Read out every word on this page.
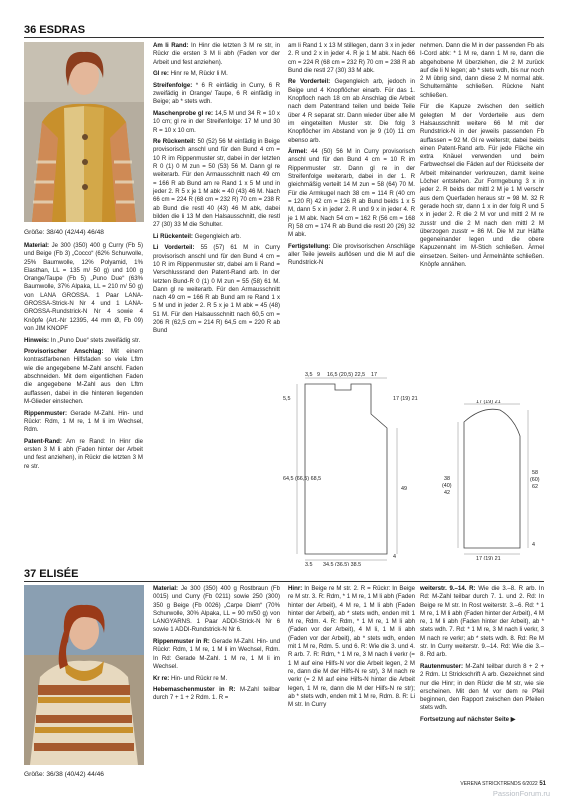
36 ESDRAS
Größe: 38/40 (42/44) 46/48

Material: Je 300 (350) 400 g Curry (Fb 5) und Beige (Fb 3) „Cocco“ (62% Schurwolle, 25% Baumwolle, 12% Polyamid, 1% Elasthan, LL = 135 m/ 50 g) und 100 g Orange/Taupe (Fb 5) „Puno Due“ (63% Baumwolle, 37% Alpaka, LL = 210 m/ 50 g) von LANA GROSSA. 1 Paar LANA-GROSSA-Strick-N Nr 4 und 1 LANA-GROSSA-Rundstrick-N Nr 4 sowie 4 Knöpfe (Art.-Nr 12395, 44 mm Ø, Fb 09) von JIM KNOPF

Hinweis: In „Puno Due“ stets zweifädig str.

Provisorischer Anschlag: Mit einem kontrastfarbenen Hilfsfaden so viele Lftm wie die angegebene M-Zahl anschl. Faden abschneiden. Mit dem eigentlichen Faden die angegebene M-Zahl aus den Lftm auffassen, dabei in die hinteren liegenden M-Glieder einstechen.

Rippenmuster: Gerade M-Zahl. Hin- und Rückr: Rdm, 1 M re, 1 M li im Wechsel, Rdm.

Patent-Rand: Am re Rand: In Hinr die ersten 3 M li abh (Faden hinter der Arbeit und fest anziehen), in Rückr die letzten 3 M re str.

Am li Rand: In Hinr die letzten 3 M re str, in Rückr die ersten 3 M li abh (Faden vor der Arbeit und fest anziehen).

Gl re: Hinr re M, Rückr li M.

Streifenfolge: * 6 R einfädig in Curry, 6 R zweifädig in Orange/ Taupe, 6 R einfädig in Beige; ab * stets wdh.

Maschenprobe gl re: 14,5 M und 34 R = 10 x 10 cm; gl re in der Streifenfolge: 17 M und 30 R = 10 x 10 cm.

Re Rückenteil: 50 (52) 56 M einfädig in Beige provisorisch anschl und für den Bund 4 cm = 10 R im Rippenmuster str, dabei in der letzten R 0 (1) 0 M zun = 50 (53) 56 M. Dann gl re weiterarb. Für den Armausschnitt nach 49 cm = 166 R ab Bund am re Rand 1 x 5 M und in jeder 2. R 5 x je 1 M abk = 40 (43) 46 M. Nach 66 cm = 224 R (68 cm = 232 R) 70 cm = 238 R ab Bund die restl 40 (43) 46 M abk, dabei bilden die li 13 M den Halsausschnitt, die restl 27 (30) 33 M die Schulter.

Li Rückenteil: Gegengleich arb.

Li Vorderteil: 55 (57) 61 M in Curry provisorisch anschl und für den Bund 4 cm = 10 R im Rippenmuster str, dabei am li Rand = Verschlussrand den Patent-Rand arb. In der letzten Bund-R 0 (1) 0 M zun = 55 (58) 61 M. Dann gl re weiterarb. Für den Armausschnitt nach 49 cm = 166 R ab Bund am re Rand 1 x 5 M und in jeder 2. R 5 x je 1 M abk = 45 (48) 51 M. Für den Halsausschnitt nach 60,5 cm = 206 R (62,5 cm = 214 R) 64,5 cm = 220 R ab Bund

am li Rand 1 x 13 M stillegen, dann 3 x in jeder 2. R und 2 x in jeder 4. R je 1 M abk. Nach 66 cm = 224 R (68 cm = 232 R) 70 cm = 238 R ab Bund die restl 27 (30) 33 M abk.

Re Vorderteil: Gegengleich arb, jedoch in Beige und 4 Knopflöcher einarb. Für das 1. Knopfloch nach 18 cm ab Anschlag die Arbeit nach dem Patentrand teilen und beide Teile über 4 R separat str. Dann wieder über alle M im eingeteilten Muster str. Die folg 3 Knopflöcher im Abstand von je 9 (10) 11 cm ebenso arb.

Ärmel: 44 (50) 56 M in Curry provisorisch anschl und für den Bund 4 cm = 10 R im Rippenmuster str. Dann gl re in der Streifenfolge weiterarb, dabei in der 1. R gleichmäßig verteilt 14 M zun = 58 (64) 70 M. Für die Armkugel nach 38 cm = 114 R (40 cm = 120 R) 42 cm = 126 R ab Bund beids 1 x 5 M, dann 5 x in jeder 2. R und 9 x in jeder 4. R je 1 M abk. Nach 54 cm = 162 R (56 cm = 168 R) 58 cm = 174 R ab Bund die restl 20 (26) 32 M abk.

Fertigstellung: Die provisorischen Anschläge aller Teile jeweils auflösen und die M auf die Rundstrick-N

nehmen. Dann die M in der passenden Fb als I-Cord abk: * 1 M re, dann 1 M re, dann die abgehobene M überziehen, die 2 M zurück auf die li N legen; ab * stets wdh, bis nur noch 2 M übrig sind, dann diese 2 M normal abk. Schulternähte schließen. Rückne Naht schließen.

Für die Kapuze zwischen den seitlich gelegten M der Vorderteile aus dem Halsausschnitt weitere 66 M mit der Rundstrick-N in der jeweils passenden Fb auffassen = 92 M. Gl re weiterstr, dabei beids einen Patent-Rand arb. Für jede Fläche ein extra Knäuel verwenden und beim Farbwechsel die Fäden auf der Rückseite der Arbeit miteinander verkreuzen, damit keine Löcher entstehen. Zur Formgebung 3 x in jeder 2. R beids der mittl 2 M je 1 M verschr aus dem Querfaden heraus str = 98 M. 32 R gerade hoch str, dann 1 x in der folg R und 5 x in jeder 2. R die 2 M vor und mittl 2 M re zusstr und die 2 M nach den mittl 2 M überzogen zusstr = 86 M. Die M zur Hälfte gegeneinander legen und die obere Kapuzennaht im M-Stich schließen. Ärmel einsetzen. Seiten- und Ärmelnähte schließen. Knöpfe annähen.

3,5 9 16,5 (20,5) 22,5 17
5,5	17 (19) 21
64,5 (66,5) 68,5
49
3,5 34,5 (36,5) 38,5
4
17 (19) 21
38
(40)
42
58
(60)
62
4
17 (19) 21
37 ELISÉE
Größe: 36/38 (40/42) 44/46

Material: Je 300 (350) 400 g Rostbraun (Fb 0015) und Curry (Fb 0211) sowie 250 (300) 350 g Beige (Fb 0026) „Carpe Diem“ (70% Schurwolle, 30% Alpaka, LL = 90 m/50 g) von LANGYARNS. 1 Paar ADDI-Strick-N Nr 6 sowie 1 ADDI-Rundstrick-N Nr 6.

Rippenmuster in R: Gerade M-Zahl. Hin- und Rückr: Rdm, 1 M re, 1 M li im Wechsel, Rdm. In Rd: Gerade M-Zahl. 1 M re, 1 M li im Wechsel.

Kr re: Hin- und Rückr re M.

Hebemaschenmuster in R: M-Zahl teilbar durch 7 + 1 + 2 Rdm. 1. R =

Hinr: In Beige re M str. 2. R = Rückr: In Beige re M str. 3. R: Rdm, * 1 M re, 1 M li abh (Faden hinter der Arbeit), 4 M re, 1 M li abh (Faden hinter der Arbeit), ab * stets wdh, enden mit 1 M re, Rdm. 4. R: Rdm, * 1 M re, 1 M li abh (Faden vor der Arbeit), 4 M li, 1 M li abh (Faden vor der Arbeit), ab * stets wdh, enden mit 1 M re, Rdm. 5. und 6. R: Wie die 3. und 4. R arb. 7. R: Rdm, * 1 M re, 3 M nach li verkr (= 1 M auf eine Hilfs-N vor die Arbeit legen, 2 M re, dann die M der Hilfs-N re str), 3 M nach re verkr (= 2 M auf eine Hilfs-N hinter die Arbeit legen, 1 M re, dann die M der Hilfs-N re str); ab * stets wdh, enden mit 1 M re, Rdm. 8. R: Li M str. In Curry

weiterstr. 9.–14. R: Wie die 3.–8. R arb. In Rd: M-Zahl teilbar durch 7. 1. und 2. Rd: In Beige re M str. In Rost weiterstr. 3.–6. Rd: * 1 M re, 1 M li abh (Faden hinter der Arbeit), 4 M re, 1 M li abh (Faden hinter der Arbeit), ab * stets wdh. 7. Rd: * 1 M re, 3 M nach li verkr, 3 M nach re verkr; ab * stets wdh. 8. Rd: Re M str. In Curry weiterstr. 9.–14. Rd: Wie die 3.–8. Rd arb.

Rautenmuster: M-Zahl teilbar durch 8 + 2 + 2 Rdm. Lt Strickschrift A arb. Gezeichnet sind nur die Hinr; in den Rückr die M str, wie sie erscheinen. Mit den M vor dem re Pfeil beginnen, den Rapport zwischen den Pfeilen stets wdh.

Fortsetzung auf nächster Seite ▶

VERENA STRICKTRENDS 6/2022 51
PassionForum.ru
